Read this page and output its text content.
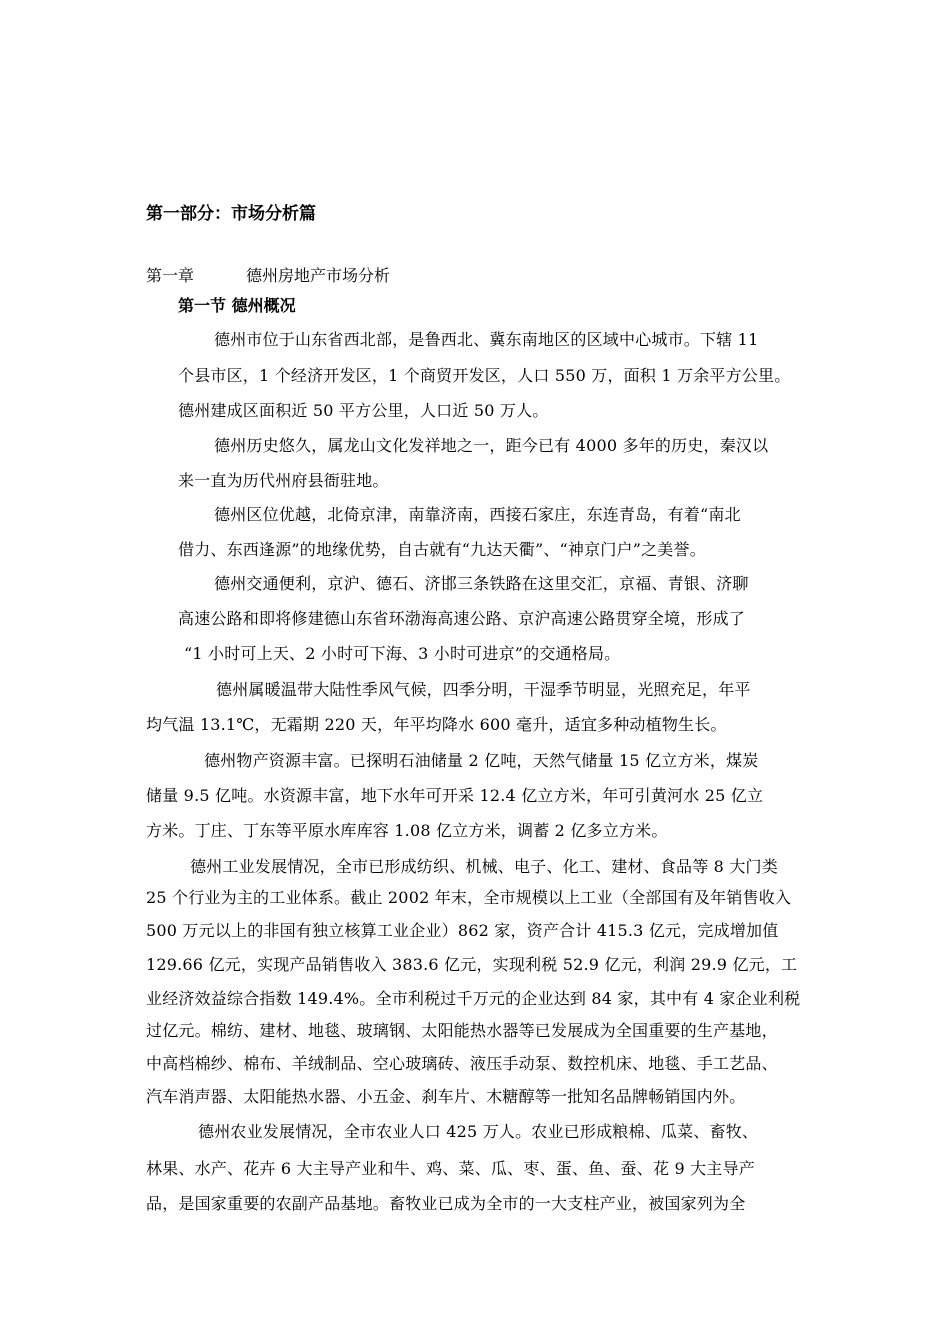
第一部分：市场分析篇
第一章	德州房地产市场分析
第一节 德州概况
德州市位于山东省西北部，是鲁西北、冀东南地区的区域中心城市。下辖 11
个县市区，1 个经济开发区，1 个商贸开发区，人口 550 万，面积 1 万余平方公里。
德州建成区面积近 50 平方公里，人口近 50 万人。
德州历史悠久，属龙山文化发祥地之一，距今已有 4000 多年的历史，秦汉以
来一直为历代州府县衙驻地。
德州区位优越，北倚京津，南靠济南，西接石家庄，东连青岛，有着“南北
借力、东西逢源”的地缘优势，自古就有“九达天衢”、“神京门户”之美誉。
德州交通便利，京沪、德石、济邯三条铁路在这里交汇，京福、青银、济聊
高速公路和即将修建德山东省环渤海高速公路、京沪高速公路贯穿全境，形成了
“1 小时可上天、2 小时可下海、3 小时可进京”的交通格局。
德州属暖温带大陆性季风气候，四季分明，干湿季节明显，光照充足，年平
均气温 13.1℃，无霜期 220 天，年平均降水 600 毫升，适宜多种动植物生长。
德州物产资源丰富。已探明石油储量 2 亿吨，天然气储量 15 亿立方米，煤炭
储量 9.5 亿吨。水资源丰富，地下水年可开采 12.4 亿立方米，年可引黄河水 25 亿立
方米。丁庄、丁东等平原水库库容 1.08 亿立方米，调蓄 2 亿多立方米。
德州工业发展情况，全市已形成纺织、机械、电子、化工、建材、食品等 8 大门类
25 个行业为主的工业体系。截止 2002 年末，全市规模以上工业（全部国有及年销售收入
500 万元以上的非国有独立核算工业企业）862 家，资产合计 415.3 亿元，完成增加值
129.66 亿元，实现产品销售收入 383.6 亿元，实现利税 52.9 亿元，利润 29.9 亿元，工
业经济效益综合指数 149.4%。全市利税过千万元的企业达到 84 家，其中有 4 家企业利税
过亿元。棉纺、建材、地毯、玻璃钢、太阳能热水器等已发展成为全国重要的生产基地，
中高档棉纱、棉布、羊绒制品、空心玻璃砖、液压手动泵、数控机床、地毯、手工艺品、
汽车消声器、太阳能热水器、小五金、刹车片、木糖醇等一批知名品牌畅销国内外。
德州农业发展情况，全市农业人口 425 万人。农业已形成粮棉、瓜菜、畜牧、
林果、水产、花卉 6 大主导产业和牛、鸡、菜、瓜、枣、蛋、鱼、蚕、花 9 大主导产
品，是国家重要的农副产品基地。畜牧业已成为全市的一大支柱产业，被国家列为全
